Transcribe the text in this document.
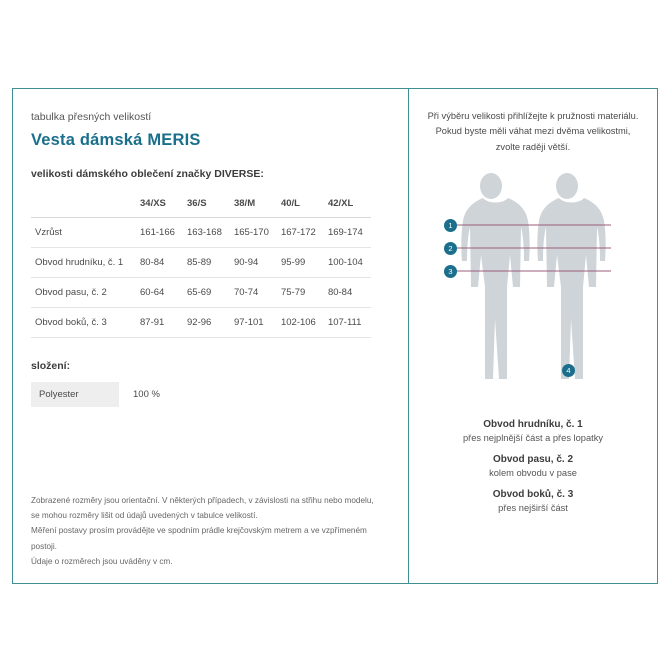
tabulka přesných velikostí
Vesta dámská MERIS
velikosti dámského oblečení značky DIVERSE:
	34/XS	36/S	38/M	40/L	42/XL
Vzrůst	161-166	163-168	165-170	167-172	169-174
Obvod hrudníku, č. 1	80-84	85-89	90-94	95-99	100-104
Obvod pasu, č. 2	60-64	65-69	70-74	75-79	80-84
Obvod boků, č. 3	87-91	92-96	97-101	102-106	107-111
složení:
Polyester	100 %
Zobrazené rozměry jsou orientační. V některých případech, v závislosti na střihu nebo modelu,
se mohou rozměry lišit od údajů uvedených v tabulce velikostí.
Měření postavy prosím provádějte ve spodním prádle krejčovským metrem a ve vzpřímeném postoji.
Údaje o rozměrech jsou uváděny v cm.
Při výběru velikosti přihlížejte k pružnosti materiálu.
Pokud byste měli váhat mezi dvěma velikostmi,
zvolte raději větší.
1
2
3
4
Obvod hrudníku, č. 1
přes nejplnější část a přes lopatky
Obvod pasu, č. 2
kolem obvodu v pase
Obvod boků, č. 3
přes nejširší část
